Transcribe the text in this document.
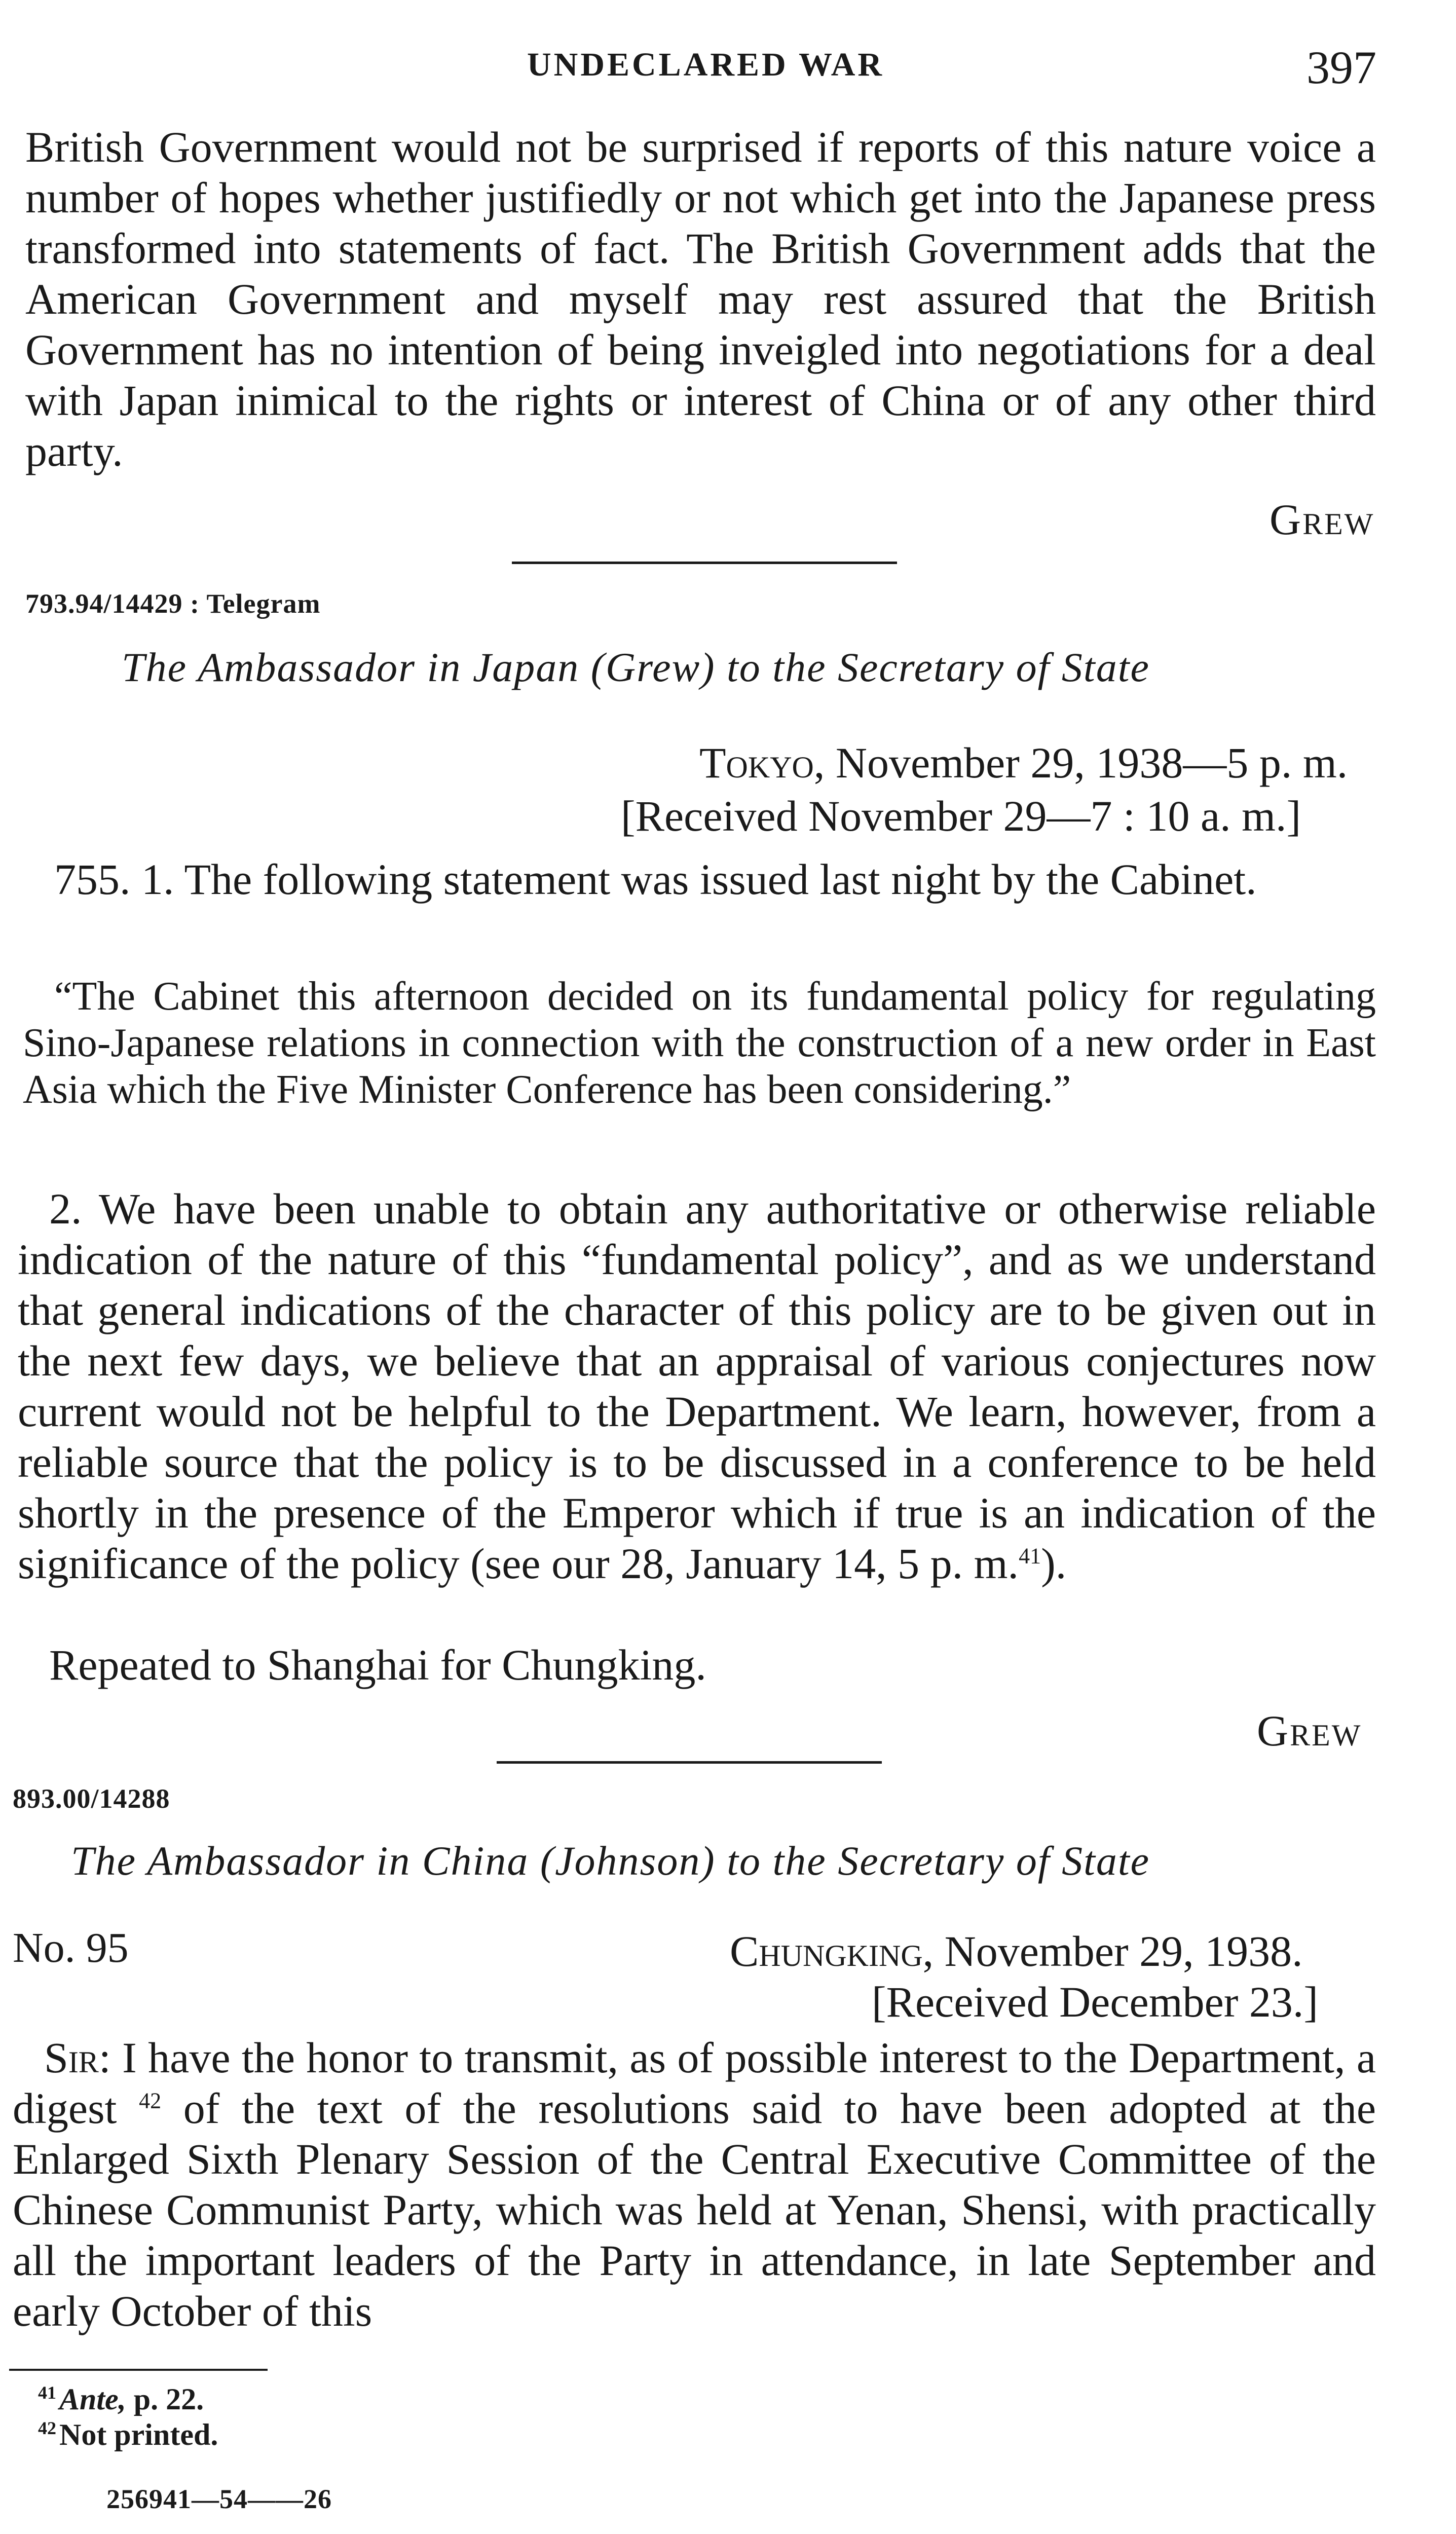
UNDECLARED WAR	397

British Government would not be surprised if reports of this nature voice a number of hopes whether justifiedly or not which get into the Japanese press transformed into statements of fact. The British Government adds that the American Government and myself may rest assured that the British Government has no intention of being inveigled into negotiations for a deal with Japan inimical to the rights or interest of China or of any other third party.

Grew
793.94/14429 : Telegram
The Ambassador in Japan (Grew) to the Secretary of State
Tokyo, November 29, 1938—5 p. m.
[Received November 29—7 : 10 a. m.]

755. 1. The following statement was issued last night by the Cabinet.

“The Cabinet this afternoon decided on its fundamental policy for regulating Sino-Japanese relations in connection with the construction of a new order in East Asia which the Five Minister Conference has been considering.”

2. We have been unable to obtain any authoritative or otherwise reliable indication of the nature of this “fundamental policy”, and as we understand that general indications of the character of this policy are to be given out in the next few days, we believe that an appraisal of various conjectures now current would not be helpful to the Department. We learn, however, from a reliable source that the policy is to be discussed in a conference to be held shortly in the presence of the Emperor which if true is an indication of the significance of the policy (see our 28, January 14, 5 p. m.$^{41}$).

Repeated to Shanghai for Chungking.

Grew
893.00/14288
The Ambassador in China (Johnson) to the Secretary of State
No. 95	Chungking, November 29, 1938.
[Received December 23.]

Sir: I have the honor to transmit, as of possible interest to the Department, a digest $^{42}$ of the text of the resolutions said to have been adopted at the Enlarged Sixth Plenary Session of the Central Executive Committee of the Chinese Communist Party, which was held at Yenan, Shensi, with practically all the important leaders of the Party in attendance, in late September and early October of this

$^{41}$ Ante, p. 22.
$^{42}$ Not printed.
256941—54——26
